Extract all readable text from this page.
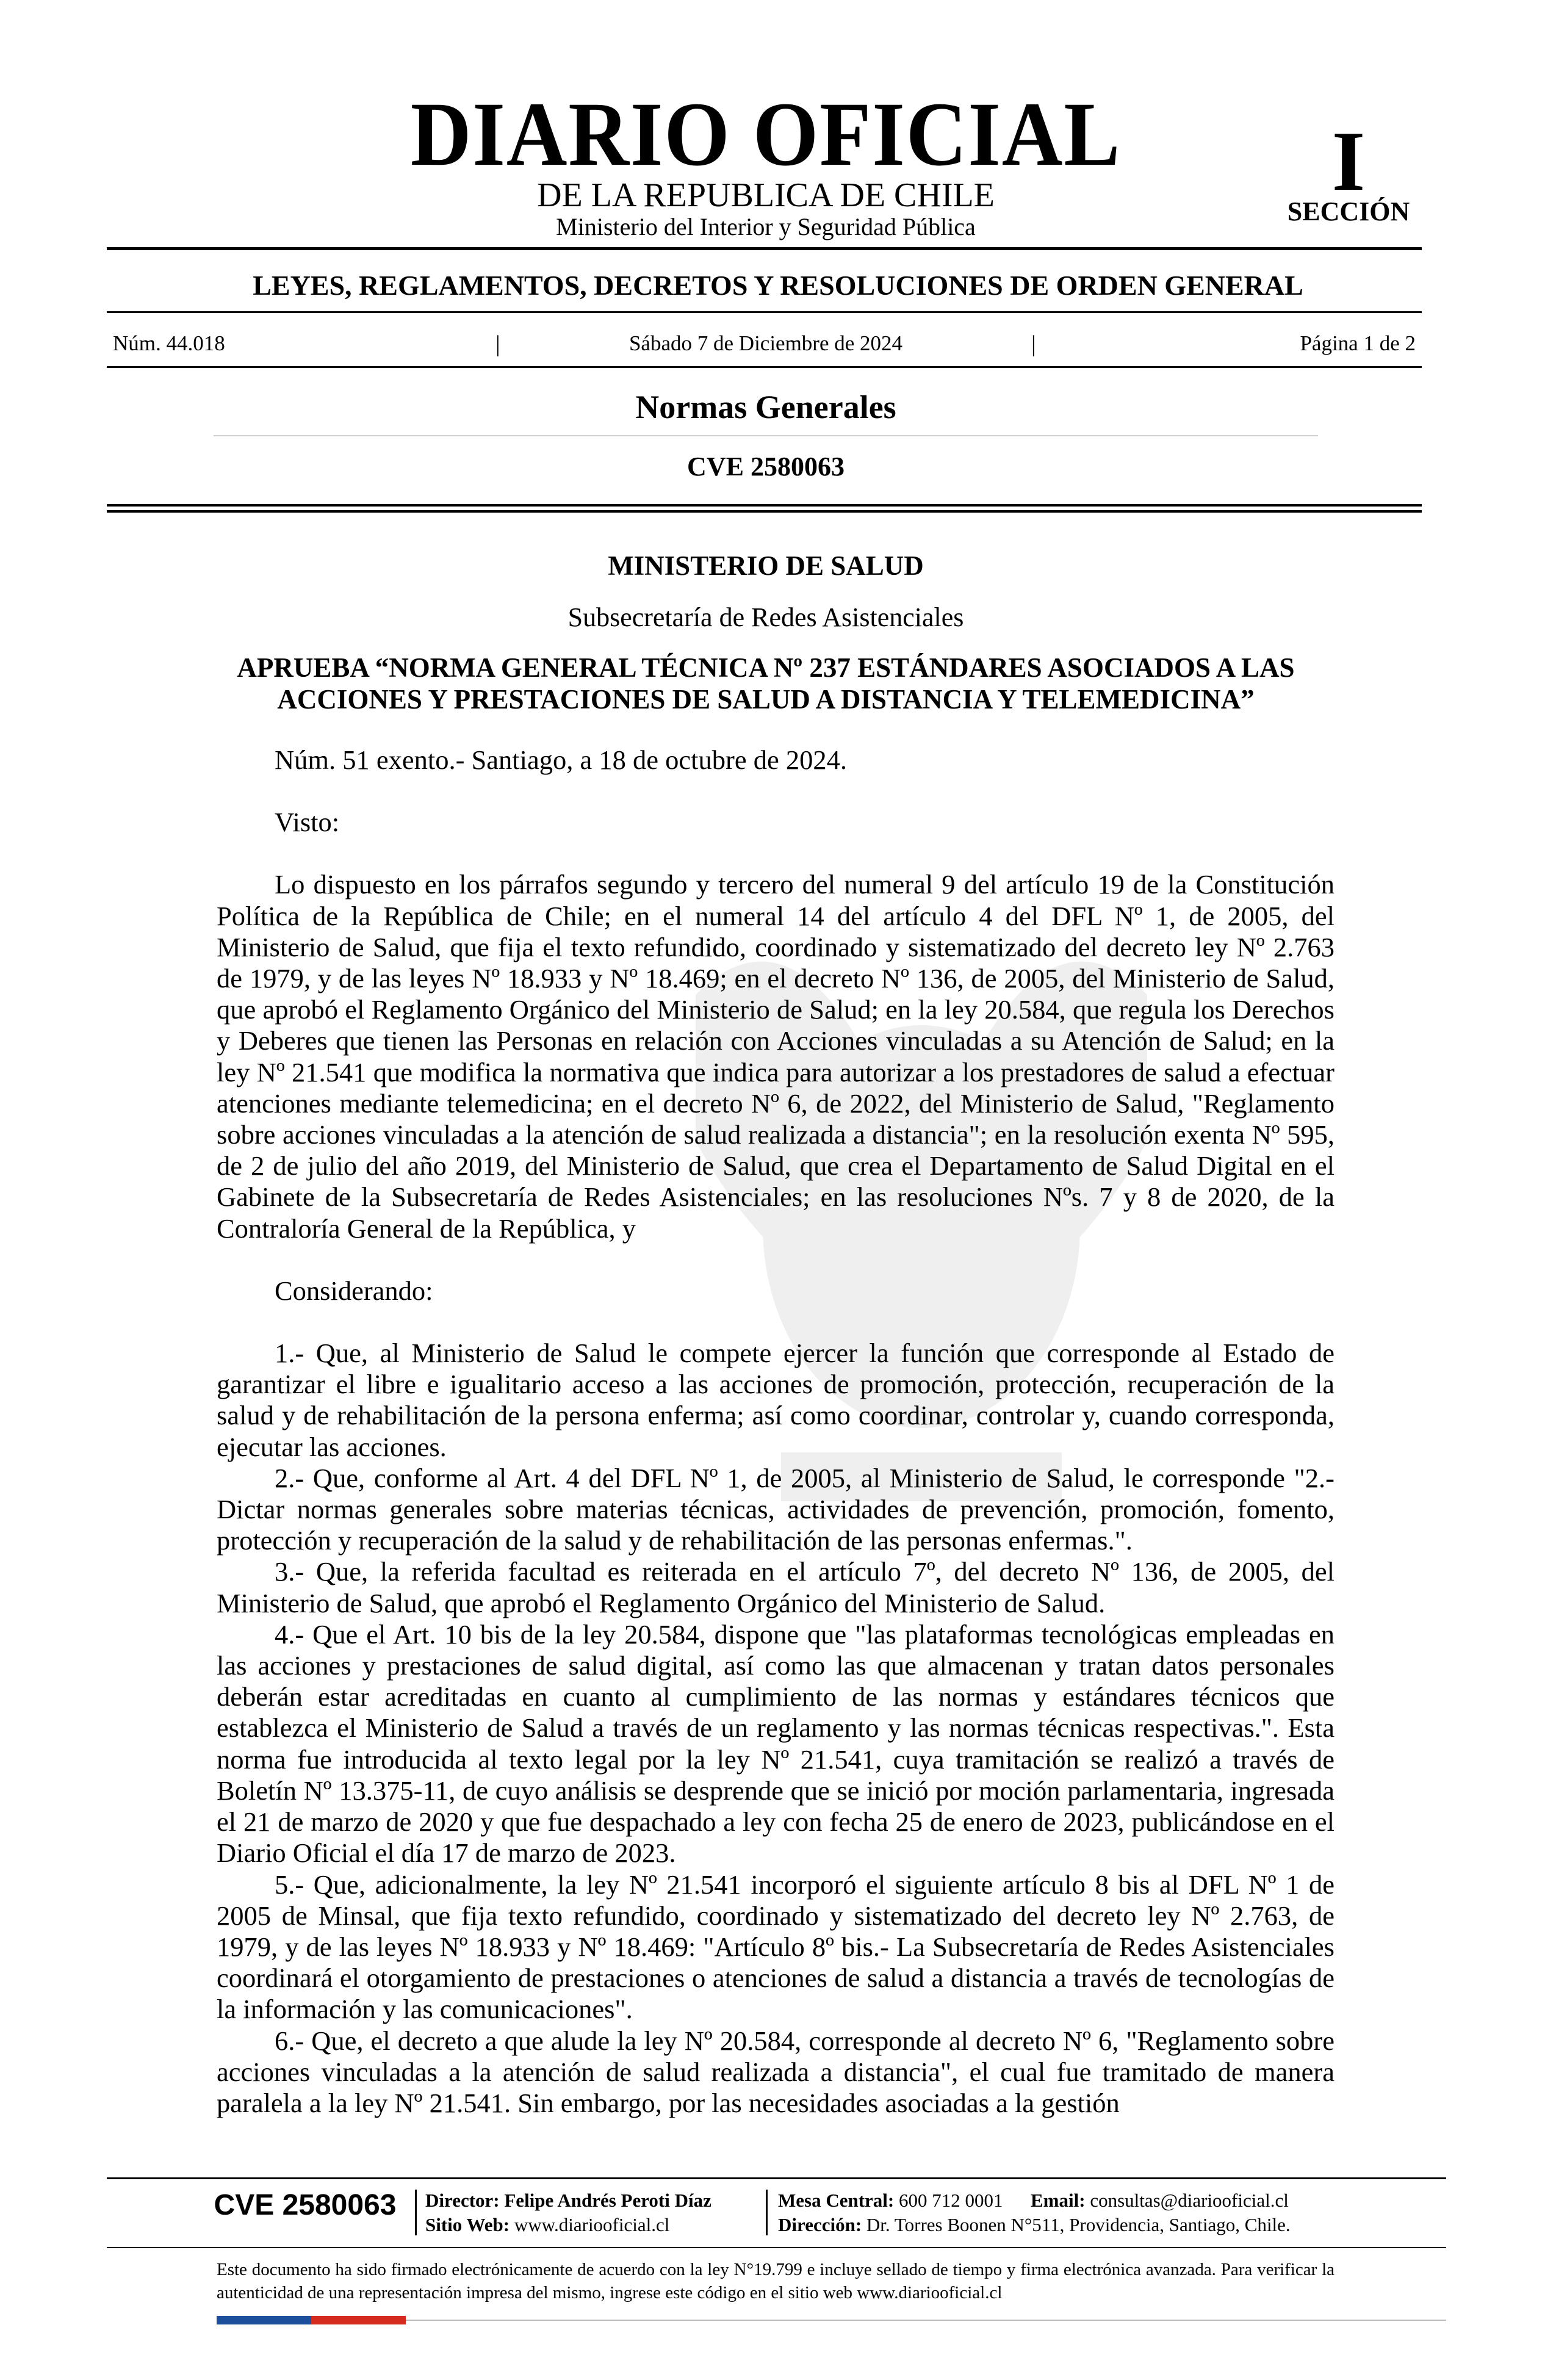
DIARIO OFICIAL
DE LA REPUBLICA DE CHILE
Ministerio del Interior y Seguridad Pública
I
SECCIÓN
LEYES, REGLAMENTOS, DECRETOS Y RESOLUCIONES DE ORDEN GENERAL
Núm. 44.018	|	Sábado 7 de Diciembre de 2024	|	Página 1 de 2
Normas Generales
CVE 2580063
MINISTERIO DE SALUD
Subsecretaría de Redes Asistenciales
APRUEBA “NORMA GENERAL TÉCNICA Nº 237 ESTÁNDARES ASOCIADOS A LAS
ACCIONES Y PRESTACIONES DE SALUD A DISTANCIA Y TELEMEDICINA”

Núm. 51 exento.- Santiago, a 18 de octubre de 2024.

Visto:

Lo dispuesto en los párrafos segundo y tercero del numeral 9 del artículo 19 de la Constitución Política de la República de Chile; en el numeral 14 del artículo 4 del DFL Nº 1, de 2005, del Ministerio de Salud, que fija el texto refundido, coordinado y sistematizado del decreto ley Nº 2.763 de 1979, y de las leyes Nº 18.933 y Nº 18.469; en el decreto Nº 136, de 2005, del Ministerio de Salud, que aprobó el Reglamento Orgánico del Ministerio de Salud; en la ley 20.584, que regula los Derechos y Deberes que tienen las Personas en relación con Acciones vinculadas a su Atención de Salud; en la ley Nº 21.541 que modifica la normativa que indica para autorizar a los prestadores de salud a efectuar atenciones mediante telemedicina; en el decreto Nº 6, de 2022, del Ministerio de Salud, "Reglamento sobre acciones vinculadas a la atención de salud realizada a distancia"; en la resolución exenta Nº 595, de 2 de julio del año 2019, del Ministerio de Salud, que crea el Departamento de Salud Digital en el Gabinete de la Subsecretaría de Redes Asistenciales; en las resoluciones Nºs. 7 y 8 de 2020, de la Contraloría General de la República, y

Considerando:

1.- Que, al Ministerio de Salud le compete ejercer la función que corresponde al Estado de garantizar el libre e igualitario acceso a las acciones de promoción, protección, recuperación de la salud y de rehabilitación de la persona enferma; así como coordinar, controlar y, cuando corresponda, ejecutar las acciones.

2.- Que, conforme al Art. 4 del DFL Nº 1, de 2005, al Ministerio de Salud, le corresponde "2.- Dictar normas generales sobre materias técnicas, actividades de prevención, promoción, fomento, protección y recuperación de la salud y de rehabilitación de las personas enfermas.".

3.- Que, la referida facultad es reiterada en el artículo 7º, del decreto Nº 136, de 2005, del Ministerio de Salud, que aprobó el Reglamento Orgánico del Ministerio de Salud.

4.- Que el Art. 10 bis de la ley 20.584, dispone que "las plataformas tecnológicas empleadas en las acciones y prestaciones de salud digital, así como las que almacenan y tratan datos personales deberán estar acreditadas en cuanto al cumplimiento de las normas y estándares técnicos que establezca el Ministerio de Salud a través de un reglamento y las normas técnicas respectivas.". Esta norma fue introducida al texto legal por la ley Nº 21.541, cuya tramitación se realizó a través de Boletín Nº 13.375-11, de cuyo análisis se desprende que se inició por moción parlamentaria, ingresada el 21 de marzo de 2020 y que fue despachado a ley con fecha 25 de enero de 2023, publicándose en el Diario Oficial el día 17 de marzo de 2023.

5.- Que, adicionalmente, la ley Nº 21.541 incorporó el siguiente artículo 8 bis al DFL Nº 1 de 2005 de Minsal, que fija texto refundido, coordinado y sistematizado del decreto ley Nº 2.763, de 1979, y de las leyes Nº 18.933 y Nº 18.469: "Artículo 8º bis.- La Subsecretaría de Redes Asistenciales coordinará el otorgamiento de prestaciones o atenciones de salud a distancia a través de tecnologías de la información y las comunicaciones".

6.- Que, el decreto a que alude la ley Nº 20.584, corresponde al decreto Nº 6, "Reglamento sobre acciones vinculadas a la atención de salud realizada a distancia", el cual fue tramitado de manera paralela a la ley Nº 21.541. Sin embargo, por las necesidades asociadas a la gestión

CVE 2580063	Director: Felipe Andrés Peroti Díaz
Sitio Web: www.diariooficial.cl
Mesa Central: 600 712 0001 Email: consultas@diariooficial.cl
Dirección: Dr. Torres Boonen N°511, Providencia, Santiago, Chile.
Este documento ha sido firmado electrónicamente de acuerdo con la ley N°19.799 e incluye sellado de tiempo y firma electrónica avanzada. Para verificar la autenticidad de una representación impresa del mismo, ingrese este código en el sitio web www.diariooficial.cl
